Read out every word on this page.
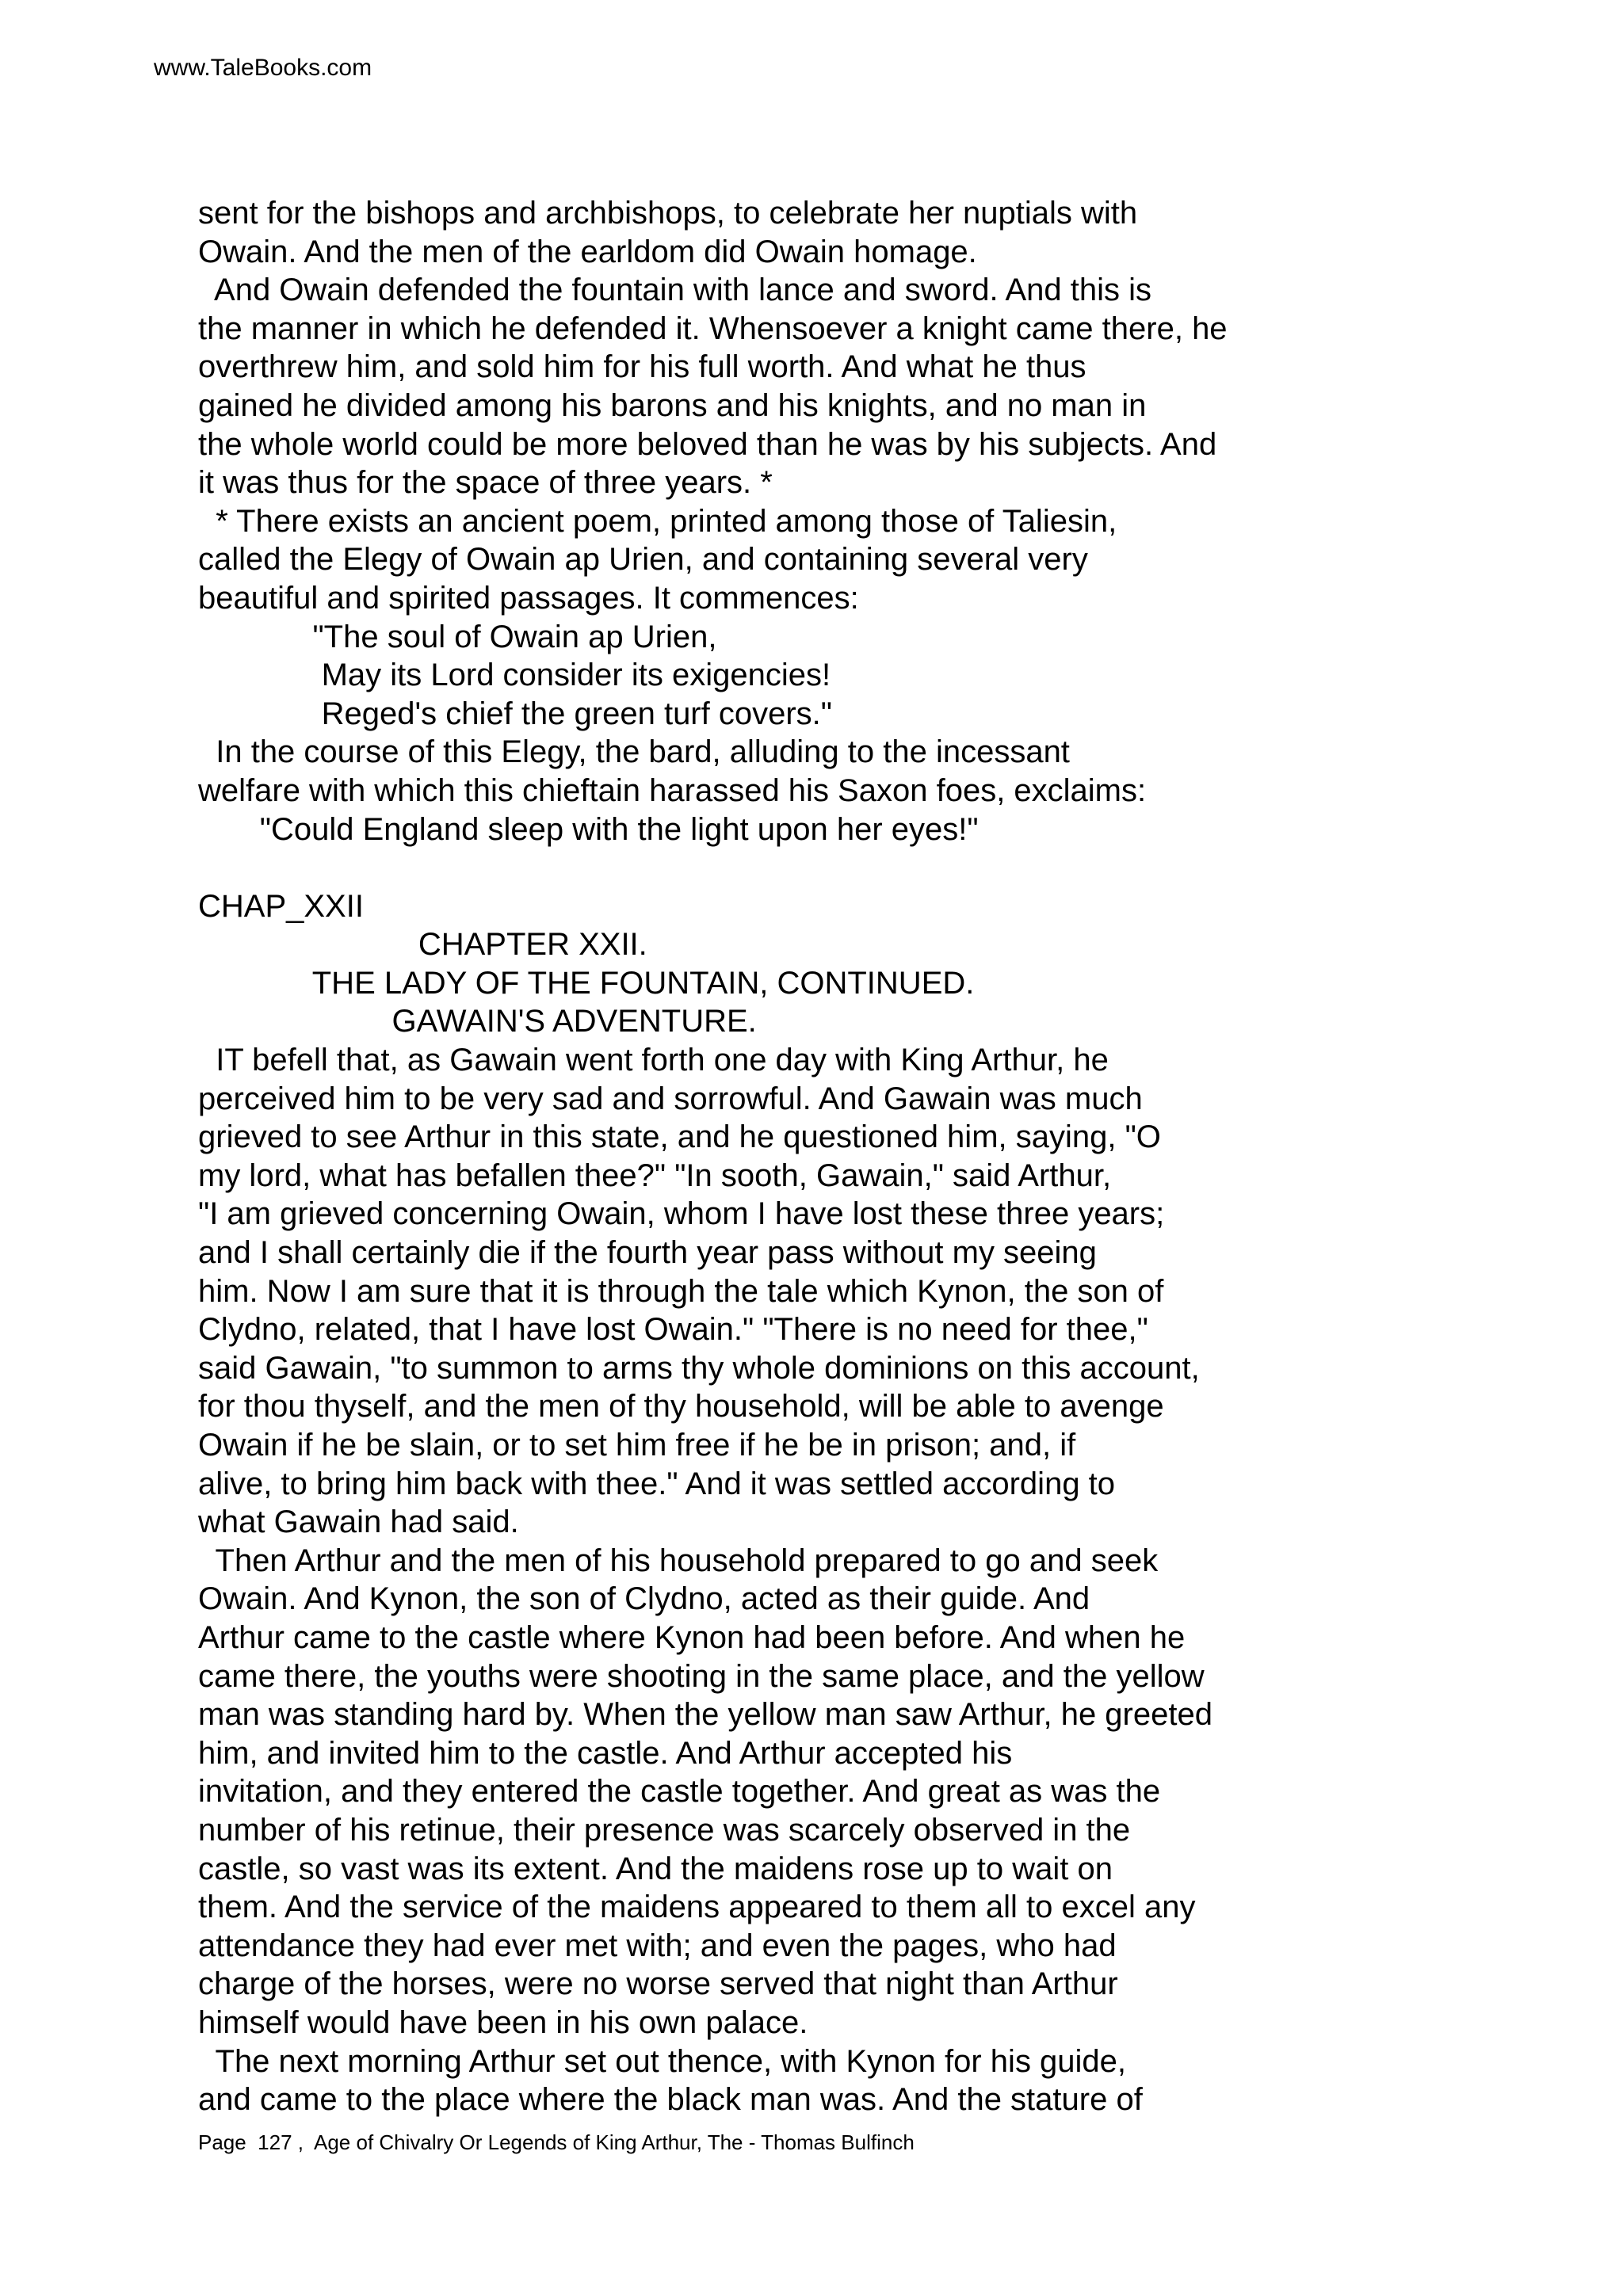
www.TaleBooks.com
sent for the bishops and archbishops, to celebrate her nuptials with
Owain. And the men of the earldom did Owain homage.
And Owain defended the fountain with lance and sword. And this is
the manner in which he defended it. Whensoever a knight came there, he
overthrew him, and sold him for his full worth. And what he thus
gained he divided among his barons and his knights, and no man in
the whole world could be more beloved than he was by his subjects. And
it was thus for the space of three years. *
* There exists an ancient poem, printed among those of Taliesin,
called the Elegy of Owain ap Urien, and containing several very
beautiful and spirited passages. It commences:
"The soul of Owain ap Urien,
May its Lord consider its exigencies!
Reged's chief the green turf covers."
In the course of this Elegy, the bard, alluding to the incessant
welfare with which this chieftain harassed his Saxon foes, exclaims:
"Could England sleep with the light upon her eyes!"
CHAP_XXII
CHAPTER XXII.
THE LADY OF THE FOUNTAIN, CONTINUED.
GAWAIN'S ADVENTURE.
IT befell that, as Gawain went forth one day with King Arthur, he
perceived him to be very sad and sorrowful. And Gawain was much
grieved to see Arthur in this state, and he questioned him, saying, "O
my lord, what has befallen thee?" "In sooth, Gawain," said Arthur,
"I am grieved concerning Owain, whom I have lost these three years;
and I shall certainly die if the fourth year pass without my seeing
him. Now I am sure that it is through the tale which Kynon, the son of
Clydno, related, that I have lost Owain." "There is no need for thee,"
said Gawain, "to summon to arms thy whole dominions on this account,
for thou thyself, and the men of thy household, will be able to avenge
Owain if he be slain, or to set him free if he be in prison; and, if
alive, to bring him back with thee." And it was settled according to
what Gawain had said.
Then Arthur and the men of his household prepared to go and seek
Owain. And Kynon, the son of Clydno, acted as their guide. And
Arthur came to the castle where Kynon had been before. And when he
came there, the youths were shooting in the same place, and the yellow
man was standing hard by. When the yellow man saw Arthur, he greeted
him, and invited him to the castle. And Arthur accepted his
invitation, and they entered the castle together. And great as was the
number of his retinue, their presence was scarcely observed in the
castle, so vast was its extent. And the maidens rose up to wait on
them. And the service of the maidens appeared to them all to excel any
attendance they had ever met with; and even the pages, who had
charge of the horses, were no worse served that night than Arthur
himself would have been in his own palace.
The next morning Arthur set out thence, with Kynon for his guide,
and came to the place where the black man was. And the stature of
Page  127 ,  Age of Chivalry Or Legends of King Arthur, The - Thomas Bulfinch
